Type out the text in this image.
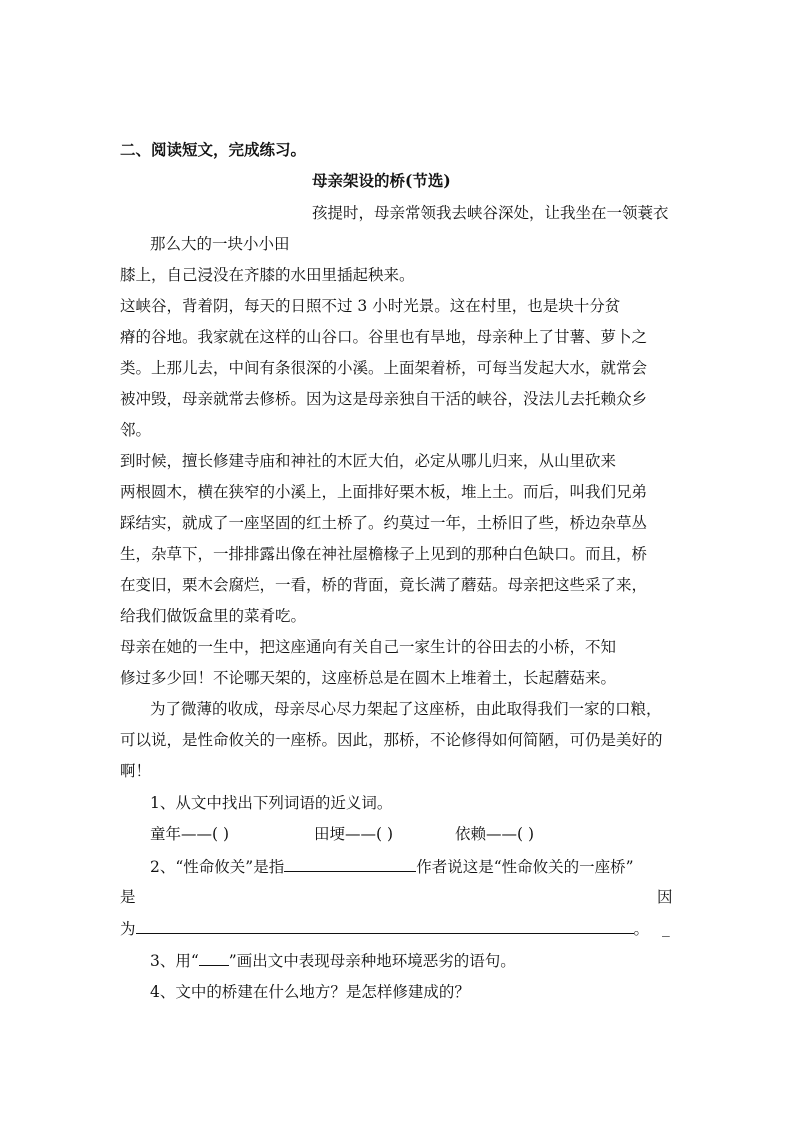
二、阅读短文，完成练习。
母亲架设的桥(节选)
孩提时，母亲常领我去峡谷深处，让我坐在一领蓑衣
那么大的一块小小田
膝上，自己浸没在齐膝的水田里插起秧来。
这峡谷，背着阴，每天的日照不过 3 小时光景。这在村里，也是块十分贫
瘠的谷地。我家就在这样的山谷口。谷里也有旱地，母亲种上了甘薯、萝卜之
类。上那儿去，中间有条很深的小溪。上面架着桥，可每当发起大水，就常会
被冲毁，母亲就常去修桥。因为这是母亲独自干活的峡谷，没法儿去托赖众乡
邻。
到时候，擅长修建寺庙和神社的木匠大伯，必定从哪儿归来，从山里砍来
两根圆木，横在狭窄的小溪上，上面排好栗木板，堆上土。而后，叫我们兄弟
踩结实，就成了一座坚固的红土桥了。约莫过一年，土桥旧了些，桥边杂草丛
生，杂草下，一排排露出像在神社屋檐椽子上见到的那种白色缺口。而且，桥
在变旧，栗木会腐烂，一看，桥的背面，竟长满了蘑菇。母亲把这些采了来，
给我们做饭盒里的菜肴吃。
母亲在她的一生中，把这座通向有关自己一家生计的谷田去的小桥，不知
修过多少回！不论哪天架的，这座桥总是在圆木上堆着土，长起蘑菇来。
为了微薄的收成，母亲尽心尽力架起了这座桥，由此取得我们一家的口粮，
可以说，是性命攸关的一座桥。因此，那桥，不论修得如何简陋，可仍是美好的
啊！
1、从文中找出下列词语的近义词。
童年——( )	田埂——( )	依赖——( )
2、“性命攸关”是指	作者说这是“性命攸关的一座桥”
是	因
为	。 _
3、用“ ”画出文中表现母亲种地环境恶劣的语句。
4、文中的桥建在什么地方？是怎样修建成的？
